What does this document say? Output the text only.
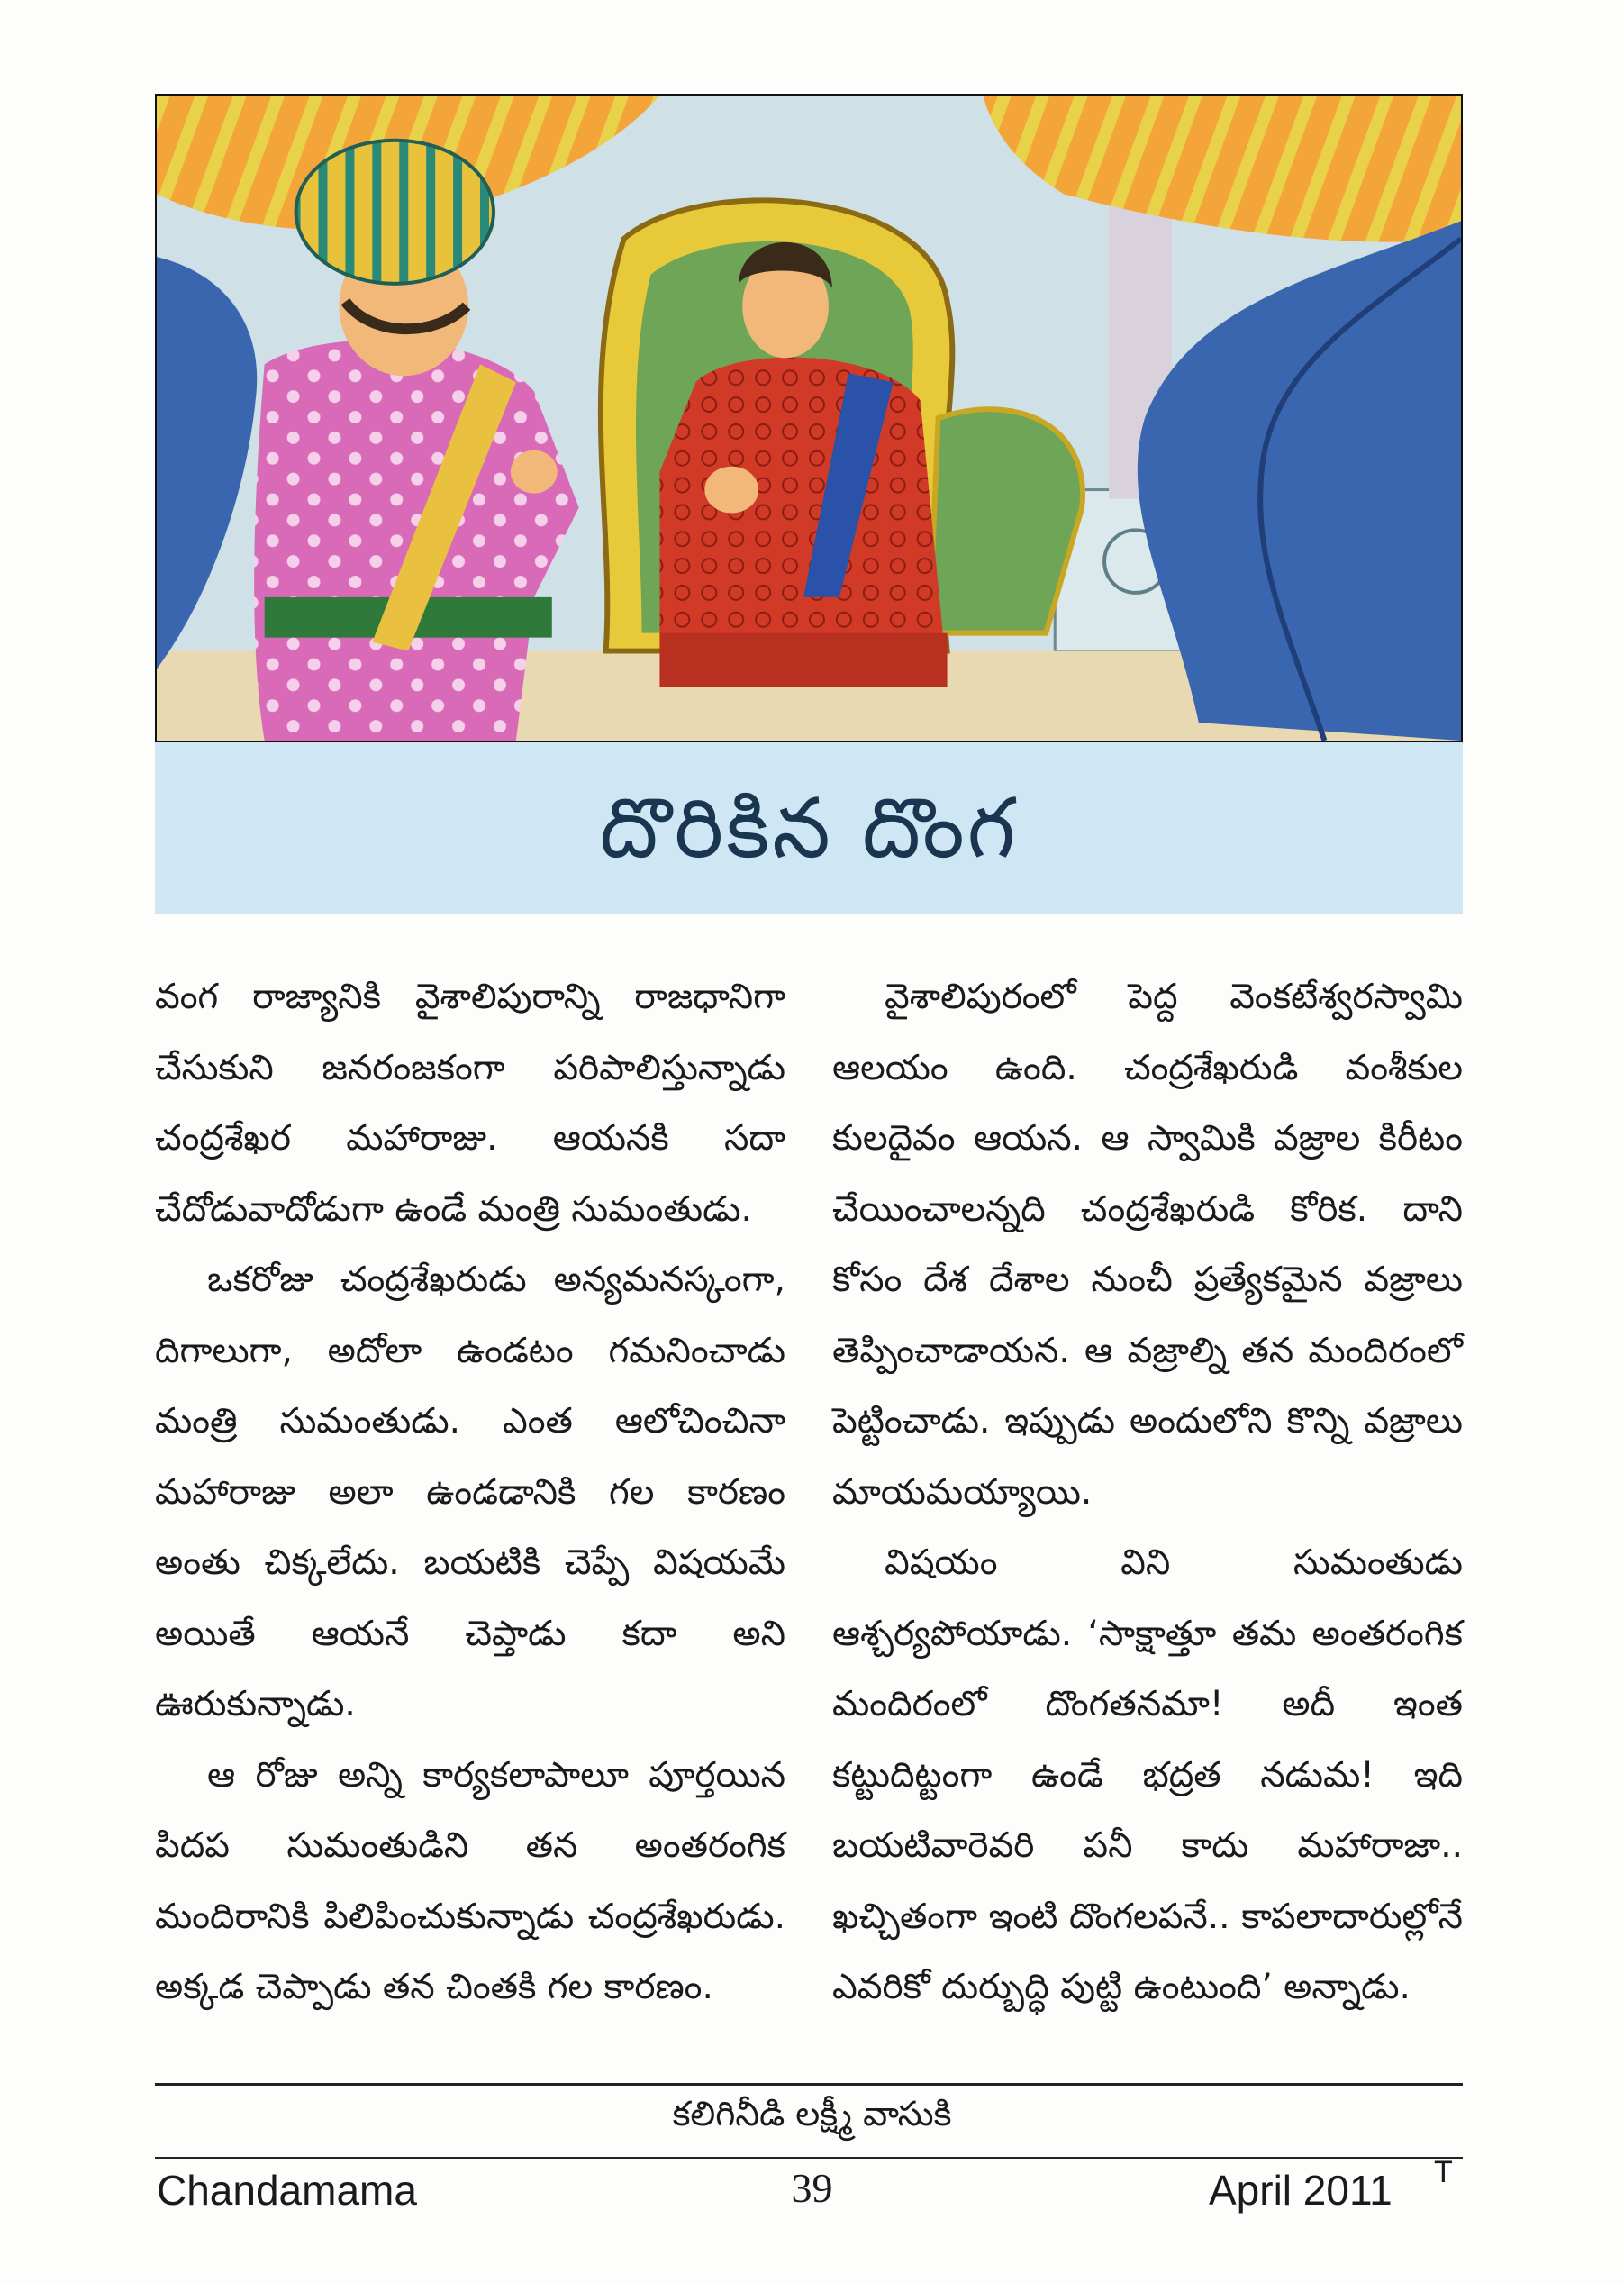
దొరికిన దొంగ

వంగ రాజ్యానికి వైశాలిపురాన్ని రాజధానిగా చేసుకుని జనరంజకంగా పరిపాలిస్తున్నాడు చంద్రశేఖర మహారాజు. ఆయనకి సదా చేదోడువాదోడుగా ఉండే మంత్రి సుమంతుడు.

ఒకరోజు చంద్రశేఖరుడు అన్యమనస్కంగా, దిగాలుగా, అదోలా ఉండటం గమనించాడు మంత్రి సుమంతుడు. ఎంత ఆలోచించినా మహారాజు అలా ఉండడానికి గల కారణం అంతు చిక్కలేదు. బయటికి చెప్పే విషయమే అయితే ఆయనే చెప్తాడు కదా అని ఊరుకున్నాడు.

ఆ రోజు అన్ని కార్యకలాపాలూ పూర్తయిన పిదప సుమంతుడిని తన అంతరంగిక మందిరానికి పిలిపించుకున్నాడు చంద్రశేఖరుడు. అక్కడ చెప్పాడు తన చింతకి గల కారణం.

వైశాలిపురంలో పెద్ద వెంకటేశ్వరస్వామి ఆలయం ఉంది. చంద్రశేఖరుడి వంశీకుల కులదైవం ఆయన. ఆ స్వామికి వజ్రాల కిరీటం చేయించాలన్నది చంద్రశేఖరుడి కోరిక. దాని కోసం దేశ దేశాల నుంచీ ప్రత్యేకమైన వజ్రాలు తెప్పించాడాయన. ఆ వజ్రాల్ని తన మందిరంలో పెట్టించాడు. ఇప్పుడు అందులోని కొన్ని వజ్రాలు మాయమయ్యాయి.

విషయం విని సుమంతుడు ఆశ్చర్యపోయాడు. ‘సాక్షాత్తూ తమ అంతరంగిక మందిరంలో దొంగతనమా! అదీ ఇంత కట్టుదిట్టంగా ఉండే భద్రత నడుమ! ఇది బయటివారెవరి పనీ కాదు మహారాజా.. ఖచ్చితంగా ఇంటి దొంగలపనే.. కాపలాదారుల్లోనే ఎవరికో దుర్బుద్ధి పుట్టి ఉంటుంది’ అన్నాడు.

కలిగినీడి లక్ష్మీ వాసుకి
Chandamama	39	April 2011 T
